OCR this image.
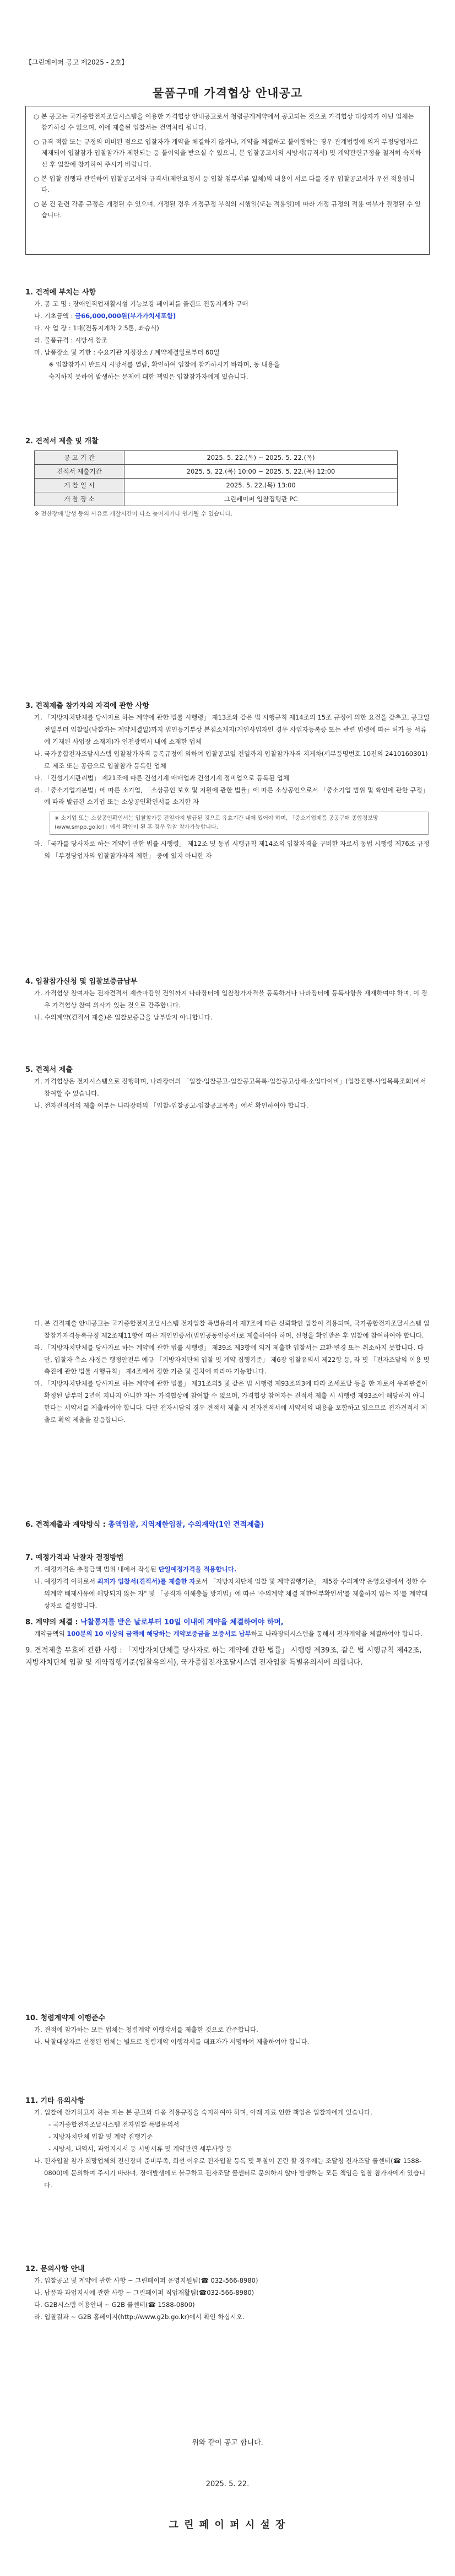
【그린페이퍼 공고 제2025 - 2호】
물품구매 가격협상 안내공고

○ 본 공고는 국가종합전자조달시스템을 이용한 가격협상 안내공고로서 청렴공개계약에서 공고되는 것으로 가격협상 대상자가 아닌 업체는 참가하실 수 없으며, 이에 제출된 입찰서는 건역처리 됩니다.

○ 규격 적합 또는 규정의 미비된 점으로 입찰자가 계약을 체결하지 않거나, 계약을 체결하고 불이행하는 경우 관계법령에 의거 부정당업자로 제재되어 입찰참가 입찰참가가 제한되는 등 불이익을 받으실 수 있으니, 본 입찰공고서의 시방서(규격서) 및 계약관련규정을 철저히 숙지하신 후 입찰에 참가하여 주시기 바랍니다.

○ 본 입찰 집행과 관련하여 입찰공고서와 규격서(제안요청서 등 입찰 첨부서류 일체)의 내용이 서로 다를 경우 입찰공고서가 우선 적용됩니다.

○ 본 건 관련 각종 규정은 개정될 수 있으며, 개정될 경우 개정규정 부칙의 시행일(또는 적용일)에 따라 개정 규정의 적용 여부가 결정될 수 있습니다.

1. 건적에 부치는 사항

가. 공 고 명 : 장애인직업재활시설 기능보강 페이퍼를 플랜드 전동지게차 구매

나. 기초금액 : 금66,000,000원(부가가치세포함)

다. 사 업 장 : 1대(전동지게차 2.5톤, 좌승식)

라. 물품규격 : 시방서 참조

마. 납품장소 및 기한 : 수요기관 지정장소 / 계약체결일로부터 60일

※ 입찰참가시 반드시 시방서를 열람, 확인하여 입찰에 참가하시기 바라며, 동 내용을

숙지하지 못하여 발생하는 문제에 대한 책임은 입찰참가자에게 있습니다.

2. 견적서 제출 및 개찰
공 고 기 간	2025. 5. 22.(목) ~ 2025. 5. 22.(목)
견적서 제출기간	2025. 5. 22.(목) 10:00 ~ 2025. 5. 22.(목) 12:00
개 찰 일 시	2025. 5. 22.(목) 13:00
개 찰 장 소	그린페이퍼 입찰집행관 PC
※ 전산장애 발생 등의 사유로 개찰시간이 다소 늦어지거나 연기될 수 있습니다.
3. 견적제출 참가자의 자격에 관한 사항

가. 「지방자치단체를 당사자로 하는 계약에 관한 법률 시행령」 제13조와 같은 법 시행규칙 제14조의 15조 규정에 의한 요건을 갖추고, 공고일 전일부터 입찰일(낙찰자는 계약체결일)까지 법인등기부상 본점소재지(개인사업자인 경우 사업자등록증 또는 관련 법령에 따른 허가 등 서류에 기재된 사업장 소재지)가 인천광역시 내에 소재한 업체

나. 국가종합전자조달시스템 입찰참가자격 등록규정에 의하여 입찰공고일 전일까지 입찰참가자격 지게차(세부품명번호 10전의 2410160301)로 제조 또는 공급으로 입찰참가 등록한 업체

다. 「건설기계관리법」 제21조에 따른 건설기계 매매업과 건설기계 정비업으로 등록된 업체

라. 「중소기업기본법」에 따른 소기업, 「소상공인 보호 및 지원에 관한 법률」에 따른 소상공인으로서 「중소기업 범위 및 확인에 관한 규정」에 따라 발급된 소기업 또는 소상공인확인서를 소지한 자

※ 소기업 또는 소상공인확인서는 입찰참가등 전일까지 발급된 것으로 유효기간 내에 있어야 하며, 「중소기업제품 공공구매 종합정보망(www.smpp.go.kr)」에서 확인이 된 후 경우 입찰 참가가능합니다.

마. 「국가를 당사자로 하는 계약에 관한 법률 시행령」 제12조 및 동법 시행규칙 제14조의 입찰자격을 구비한 자로서 동법 시행령 제76조 규정의 「부정당업자의 입찰참가자격 제한」 중에 있지 아니한 자

4. 입찰참가신청 및 입찰보증금납부

가. 가격협상 참여자는 전자견적서 제출마감일 전일까지 나라장터에 입찰참가자격을 등록하거나 나라장터에 등록사항을 재재하여야 하며, 이 경우 가격협상 참여 의사가 있는 것으로 간주합니다.

나. 수의계약(견적서 제출)은 입찰보증금을 납부받지 아니합니다.

5. 견적서 제출

가. 가격협상은 전자시스템으로 진행하며, 나라장터의 「입찰-입찰공고-입찰공고목록-입찰공고상세-소입다이비」(입찰진행-사업목록조회)에서 참여할 수 있습니다.

나. 전자견적서의 제출 여부는 나라장터의 「입찰-입찰공고-입찰공고목록」에서 확인하여야 합니다.

다. 본 견적제출 안내공고는 국가종합전자조달시스템 전자입찰 특별유의서 제7조에 따른 신뢰확인 입찰이 적용되며, 국가종합전자조달시스템 입찰참가자격등록규정 제2조제11항에 따른 개인인증서(법인공동인증서)로 제출하여야 하며, 신청을 확인받은 후 입찰에 참여하여야 합니다.

라. 「지방자치단체를 당사자로 하는 계약에 관한 법률 시행령」 제39조 제3항에 의거 제출한 입찰서는 교환·변경 또는 취소하지 못합니다. 다만, 입찰자 측소 사정은 행정안전부 예규 「지방자치단체 입찰 및 계약 집행기준」 제6장 입찰유의서 제22항 등, 라 및 「전자조달의 이용 및 촉진에 관한 법률 시행규칙」 제4조에서 정한 기준 및 절차에 따라야 가능합니다.

마. 「지방자치단체를 당사자로 하는 계약에 관한 법률」 제31조의5 및 같은 법 시행령 제93조의3에 따라 조세포탈 등을 한 자로서 유죄판결이 확정된 날부터 2년이 지나지 아니한 자는 가격협상에 참여할 수 없으며, 가격협상 참여자는 견적서 제출 시 시행령 제93조에 해당하지 아니한다는 서약서를 제출하여야 합니다. 다만 전자시담의 경우 견적서 제출 시 전자견적서에 서약서의 내용을 포함하고 있으므로 전자견적서 제출로 확약 제출을 갈음합니다.

6. 견적제출과 계약방식 : 총액입찰, 지역제한입찰, 수의계약(1인 견적제출)
7. 예정가격과 낙찰자 결정방법

가. 예정가격은 추정금액 범위 내에서 작성된 단일예정가격을 적용합니다.

나. 예정가격 이하로서 최저가 입찰서(견적서)를 제출한 자로서 「지방자치단체 입찰 및 계약집행기준」 제5장 수의계약 운영요령에서 정한 수의계약 배제사유에 해당되지 않는 자" 및 「공직자 이해충돌 방지법」에 따른 '수의계약 체결 제한여부확인서'를 제출하지 않는 자'를 계약대상자로 결정합니다.

8. 계약의 체결 : 낙찰통지를 받은 날로부터 10일 이내에 계약을 체결하여야 하며,

계약금액의 100분의 10 이상의 금액에 해당하는 계약보증금을 보증서로 납부하고 나라장터시스템을 통해서 전자계약을 체결하여야 합니다.

9. 견적제출 무효에 관한 사항 : 「지방자치단체를 당사자로 하는 계약에 관한 법률」 시행령 제39조, 같은 법 시행규칙 제42조, 지방자치단체 입찰 및 계약집행기준(입찰유의서), 국가종합전자조달시스템 전자입찰 특별유의서에 의합니다.
10. 청렴계약제 이행준수

가. 견적에 참가하는 모든 업체는 청렴계약 이행각서를 제출한 것으로 간주합니다.

나. 낙찰대상자로 선정된 업체는 별도로 청렴계약 이행각서를 대표자가 서명하여 제출하여야 합니다.

11. 기타 유의사항

가. 입찰에 참가하고자 하는 자는 본 공고와 다음 적용규정을 숙지하여야 하며, 아래 자료 인한 책임은 입찰자에게 있습니다.

- 국가종합전자조달시스템 전자입찰 특별유의서

- 지방자치단체 입찰 및 계약 집행기준

- 시방서, 내역서, 과업지시서 등 시방서류 및 계약관련 세부사항 등

나. 전자입찰 참가 희망업체의 전산장비 준비부족, 회선 이유로 전자입찰 등록 및 투찰이 곤란 할 경우에는 조달청 전자조달 콜센터(☎ 1588-0800)에 문의하여 주시기 바라며, 장애발생에도 불구하고 전자조달 콜센터로 문의하지 않아 발생하는 모든 책임은 입찰 참가자에게 있습니다.

12. 문의사항 안내

가. 입찰공고 및 계약에 관한 사항 ~ 그린페이퍼 운영지원팀(☎ 032-566-8980)

나. 납품과 과업지시에 관한 사항 ~ 그린페이퍼 직업재활팀(☎032-566-8980)

다. G2B시스템 이용안내 ~ G2B 콜센터(☎ 1588-0800)

라. 입찰결과 ~ G2B 홈페이지(http://www.g2b.go.kr)에서 확인 하십시오.

위와 같이 공고 합니다.
2025. 5. 22.
그 린 페 이 퍼 시 설 장
